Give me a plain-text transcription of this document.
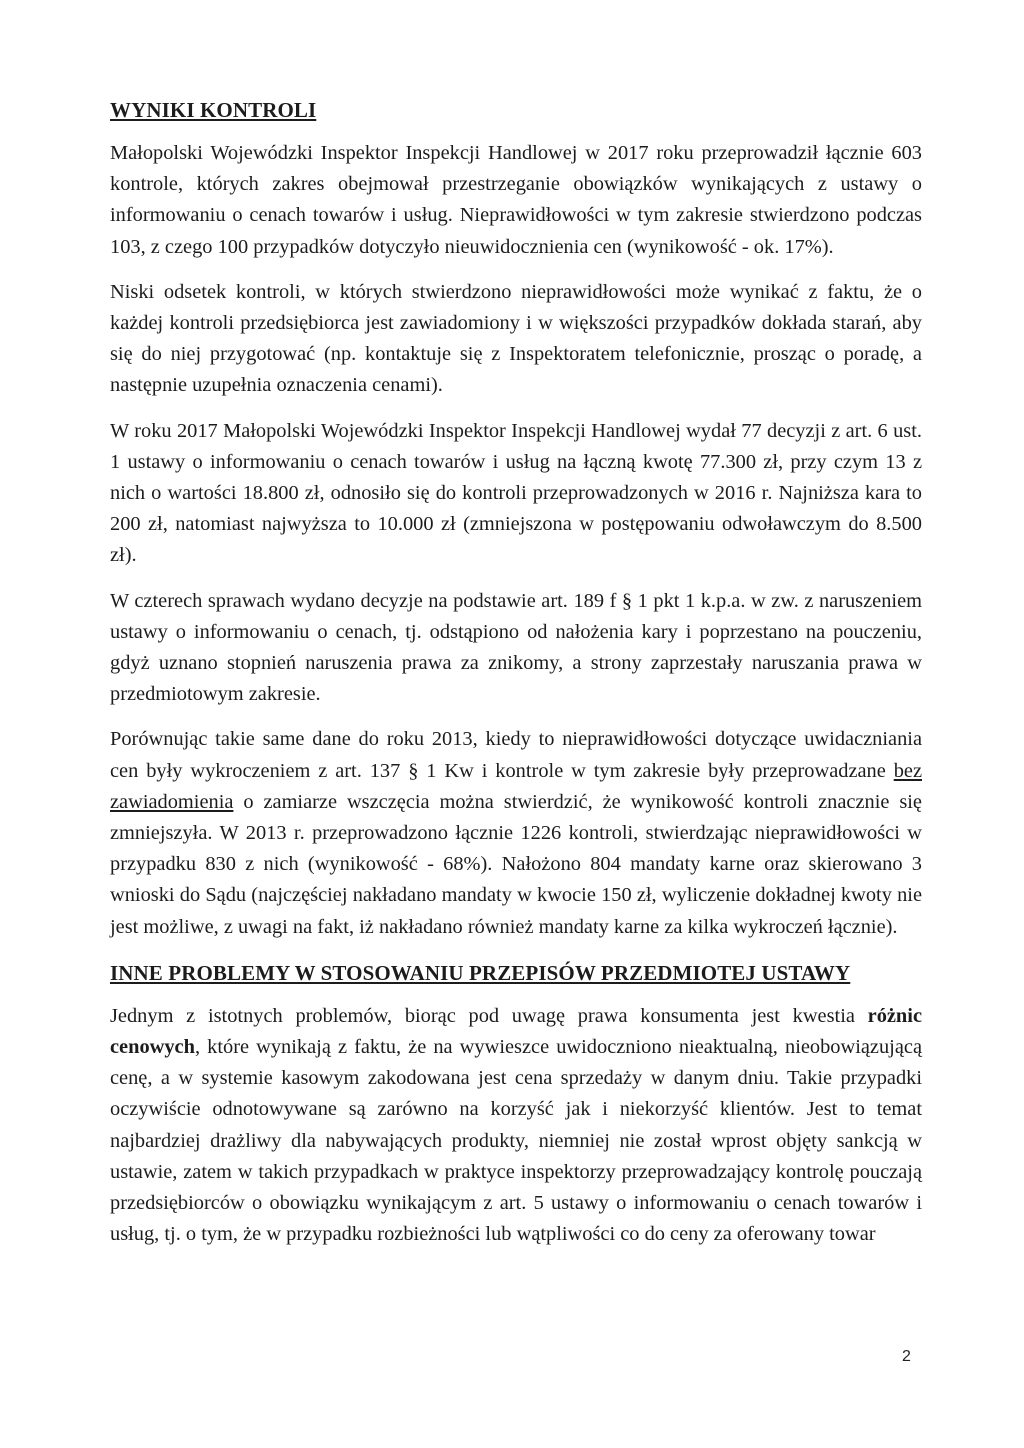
WYNIKI KONTROLI

Małopolski Wojewódzki Inspektor Inspekcji Handlowej w 2017 roku przeprowadził łącznie 603 kontrole, których zakres obejmował przestrzeganie obowiązków wynikających z ustawy o informowaniu o cenach towarów i usług. Nieprawidłowości w tym zakresie stwierdzono podczas 103, z czego 100 przypadków dotyczyło nieuwidocznienia cen (wynikowość - ok. 17%).

Niski odsetek kontroli, w których stwierdzono nieprawidłowości może wynikać z faktu, że o każdej kontroli przedsiębiorca jest zawiadomiony i w większości przypadków dokłada starań, aby się do niej przygotować (np. kontaktuje się z Inspektoratem telefonicznie, prosząc o poradę, a następnie uzupełnia oznaczenia cenami).

W roku 2017 Małopolski Wojewódzki Inspektor Inspekcji Handlowej wydał 77 decyzji z art. 6 ust. 1 ustawy o informowaniu o cenach towarów i usług na łączną kwotę 77.300 zł, przy czym 13 z nich o wartości 18.800 zł, odnosiło się do kontroli przeprowadzonych w 2016 r. Najniższa kara to 200 zł, natomiast najwyższa to 10.000 zł (zmniejszona w postępowaniu odwoławczym do 8.500 zł).

W czterech sprawach wydano decyzje na podstawie art. 189 f § 1 pkt 1 k.p.a. w zw. z naruszeniem ustawy o informowaniu o cenach, tj. odstąpiono od nałożenia kary i poprzestano na pouczeniu, gdyż uznano stopnień naruszenia prawa za znikomy, a strony zaprzestały naruszania prawa w przedmiotowym zakresie.

Porównując takie same dane do roku 2013, kiedy to nieprawidłowości dotyczące uwidaczniania cen były wykroczeniem z art. 137 § 1 Kw i kontrole w tym zakresie były przeprowadzane bez zawiadomienia o zamiarze wszczęcia można stwierdzić, że wynikowość kontroli znacznie się zmniejszyła. W 2013 r. przeprowadzono łącznie 1226 kontroli, stwierdzając nieprawidłowości w przypadku 830 z nich (wynikowość - 68%). Nałożono 804 mandaty karne oraz skierowano 3 wnioski do Sądu (najczęściej nakładano mandaty w kwocie 150 zł, wyliczenie dokładnej kwoty nie jest możliwe, z uwagi na fakt, iż nakładano również mandaty karne za kilka wykroczeń łącznie).

INNE PROBLEMY W STOSOWANIU PRZEPISÓW PRZEDMIOTEJ USTAWY

Jednym z istotnych problemów, biorąc pod uwagę prawa konsumenta jest kwestia różnic cenowych, które wynikają z faktu, że na wywieszce uwidoczniono nieaktualną, nieobowiązującą cenę, a w systemie kasowym zakodowana jest cena sprzedaży w danym dniu. Takie przypadki oczywiście odnotowywane są zarówno na korzyść jak i niekorzyść klientów. Jest to temat najbardziej drażliwy dla nabywających produkty, niemniej nie został wprost objęty sankcją w ustawie, zatem w takich przypadkach w praktyce inspektorzy przeprowadzający kontrolę pouczają przedsiębiorców o obowiązku wynikającym z art. 5 ustawy o informowaniu o cenach towarów i usług, tj. o tym, że w przypadku rozbieżności lub wątpliwości co do ceny za oferowany towar

2
